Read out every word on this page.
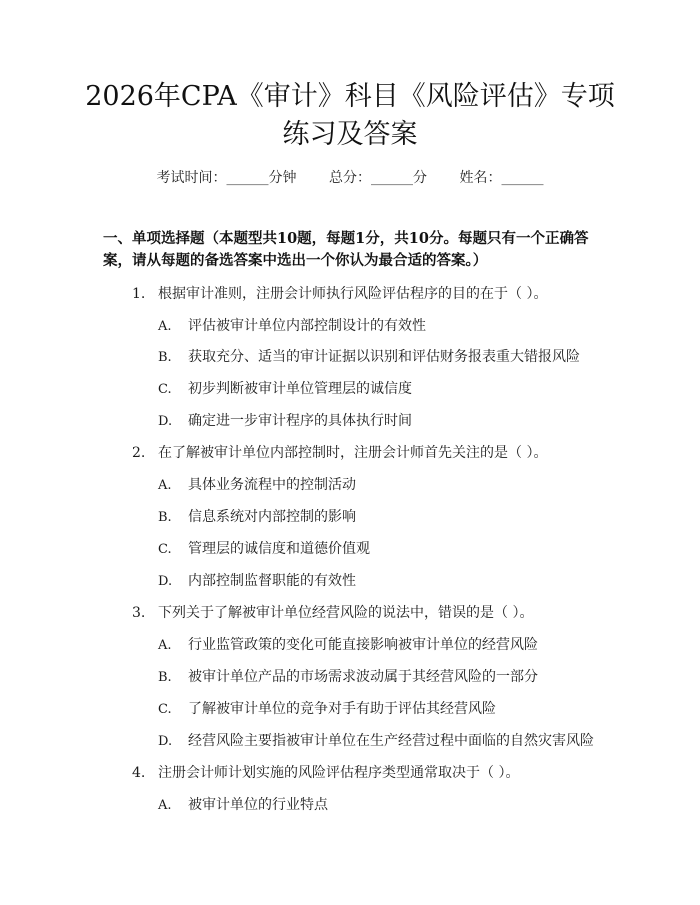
2026年CPA《审计》科目《风险评估》专项
练习及答案
考试时间：______分钟 总分：______分 姓名：______
一、单项选择题（本题型共10题，每题1分，共10分。每题只有一个正确答案，请从每题的备选答案中选出一个你认为最合适的答案。）
1. 根据审计准则，注册会计师执行风险评估程序的目的在于（ ）。
A. 评估被审计单位内部控制设计的有效性
B. 获取充分、适当的审计证据以识别和评估财务报表重大错报风险
C. 初步判断被审计单位管理层的诚信度
D. 确定进一步审计程序的具体执行时间
2. 在了解被审计单位内部控制时，注册会计师首先关注的是（ ）。
A. 具体业务流程中的控制活动
B. 信息系统对内部控制的影响
C. 管理层的诚信度和道德价值观
D. 内部控制监督职能的有效性
3. 下列关于了解被审计单位经营风险的说法中，错误的是（ ）。
A. 行业监管政策的变化可能直接影响被审计单位的经营风险
B. 被审计单位产品的市场需求波动属于其经营风险的一部分
C. 了解被审计单位的竞争对手有助于评估其经营风险
D. 经营风险主要指被审计单位在生产经营过程中面临的自然灾害风险
4. 注册会计师计划实施的风险评估程序类型通常取决于（ ）。
A. 被审计单位的行业特点
